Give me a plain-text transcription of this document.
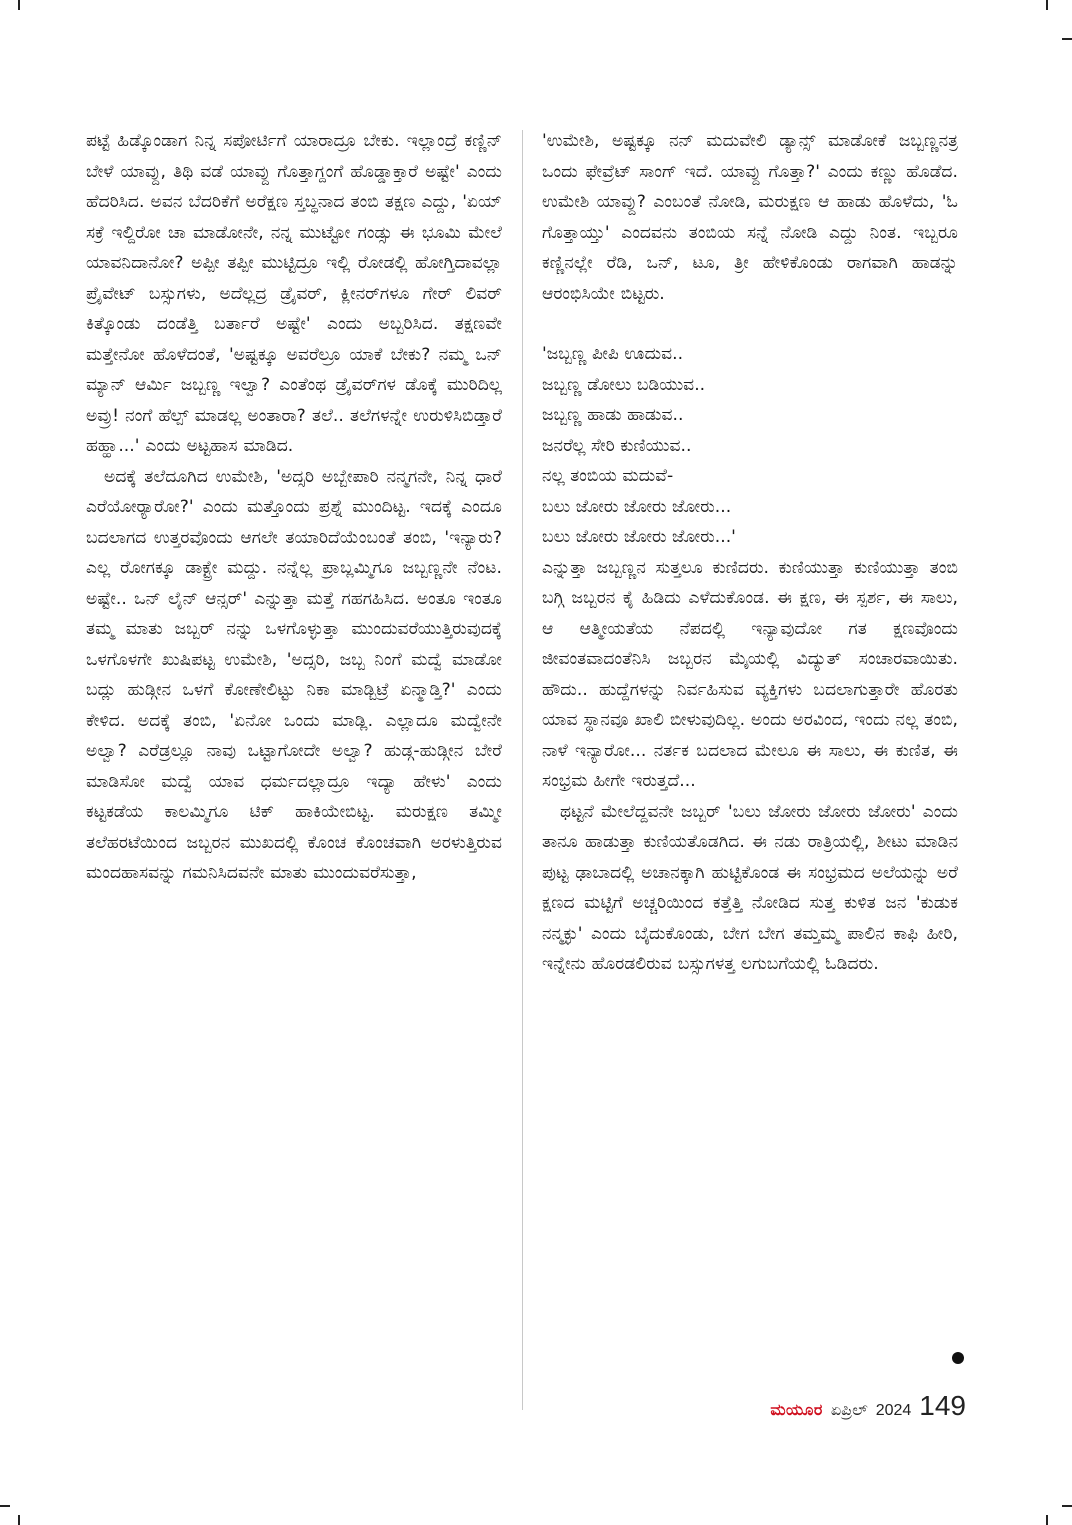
ಪಟ್ಟೆ ಹಿಡ್ಕೊಂಡಾಗ ನಿನ್ನ ಸಪೋರ್ಟಿಗೆ ಯಾರಾದ್ರೂ ಬೇಕು. ಇಲ್ಲಾಂದ್ರೆ ಕಣ್ಣಿನ್ ಬೇಳೆ ಯಾವ್ದು, ತಿಥಿ ವಡೆ ಯಾವ್ದು ಗೊತ್ತಾಗ್ದಂಗೆ ಹೊಡ್ಡಾಕ್ತಾರೆ ಅಷ್ಟೇ' ಎಂದು ಹೆದರಿಸಿದ. ಅವನ ಬೆದರಿಕೆಗೆ ಅರೆಕ್ಷಣ ಸ್ತಬ್ಧನಾದ ತಂಬಿ ತಕ್ಷಣ ಎದ್ದು, 'ಏಯ್ ಸಕ್ರೆ ಇಲ್ದಿರೋ ಚಾ ಮಾಡೋನೇ, ನನ್ನ ಮುಟ್ಟೋ ಗಂಡ್ಸು ಈ ಭೂಮಿ ಮೇಲೆ ಯಾವನಿದಾನೋ? ಅಪ್ಪೀ ತಪ್ಪೀ ಮುಟ್ಟಿದ್ರೂ ಇಲ್ಲಿ ರೋಡಲ್ಲಿ ಹೋಗ್ತಿದಾವಲ್ಲಾ ಪ್ರೈವೇಟ್ ಬಸ್ಸುಗಳು, ಅದೆಲ್ಲದ್ರ ಡ್ರೈವರ್, ಕ್ಲೀನರ್‌ಗಳೂ ಗೇರ್ ಲಿವರ್ ಕಿತ್ಕೊಂಡು ದಂಡೆತ್ತಿ ಬರ್ತಾರೆ ಅಷ್ಟೇ' ಎಂದು ಅಬ್ಬರಿಸಿದ. ತಕ್ಷಣವೇ ಮತ್ತೇನೋ ಹೊಳೆದಂತೆ, 'ಅಷ್ಟಕ್ಕೂ ಅವರೆಲ್ರೂ ಯಾಕೆ ಬೇಕು? ನಮ್ಮ ಒನ್ ಮ್ಯಾನ್ ಆರ್ಮಿ ಜಬ್ಬಣ್ಣ ಇಲ್ವಾ? ಎಂತೆಂಥ ಡ್ರೈವರ್‌ಗಳ ಡೊಕ್ಕೆ ಮುರಿದಿಲ್ಲ ಅವ್ರು! ನಂಗೆ ಹೆಲ್ಪ್ ಮಾಡಲ್ಲ ಅಂತಾರಾ? ತಲೆ.. ತಲೆಗಳನ್ನೇ ಉರುಳಿಸಿಬಿಡ್ತಾರೆ ಹಹ್ಹಾ...' ಎಂದು ಅಟ್ಟಹಾಸ ಮಾಡಿದ.

ಅದಕ್ಕೆ ತಲೆದೂಗಿದ ಉಮೇಶಿ, 'ಅದ್ಸರಿ ಅಬ್ಬೇಪಾರಿ ನನ್ಮಗನೇ, ನಿನ್ನ ಧಾರೆ ಎರೆಯೋರ್‍ಯಾರೋ?' ಎಂದು ಮತ್ತೊಂದು ಪ್ರಶ್ನೆ ಮುಂದಿಟ್ಟ. ಇದಕ್ಕೆ ಎಂದೂ ಬದಲಾಗದ ಉತ್ತರವೊಂದು ಆಗಲೇ ತಯಾರಿದೆಯೆಂಬಂತೆ ತಂಬಿ, 'ಇನ್ಯಾರು? ಎಲ್ಲ ರೋಗಕ್ಕೂ ಡಾಕ್ಟ್ರೇ ಮದ್ದು. ನನ್ನೆಲ್ಲ ಪ್ರಾಬ್ಲಮ್ಮಿಗೂ ಜಬ್ಬಣ್ಣನೇ ನೆಂಟ. ಅಷ್ಟೇ.. ಒನ್ ಲೈನ್ ಆನ್ಸರ್' ಎನ್ನುತ್ತಾ ಮತ್ತೆ ಗಹಗಹಿಸಿದ. ಅಂತೂ ಇಂತೂ ತಮ್ಮ ಮಾತು ಜಬ್ಬರ್ ನನ್ನು ಒಳಗೊಳ್ಳುತ್ತಾ ಮುಂದುವರೆಯುತ್ತಿರುವುದಕ್ಕೆ ಒಳಗೊಳಗೇ ಖುಷಿಪಟ್ಟ ಉಮೇಶಿ, 'ಅದ್ಸರಿ, ಜಬ್ಬ ನಿಂಗೆ ಮದ್ವೆ ಮಾಡೋ ಬದ್ಲು ಹುಡ್ಗೀನ ಒಳಗೆ ಕೋಣೇಲಿಟ್ಟು ನಿಕಾ ಮಾಡ್ಬಿಟ್ರೆ ಏನ್ಮಾಡ್ತಿ?' ಎಂದು ಕೇಳಿದ. ಅದಕ್ಕೆ ತಂಬಿ, 'ಏನೋ ಒಂದು ಮಾಡ್ಲಿ. ಎಲ್ಲಾದೂ ಮದ್ವೇನೇ ಅಲ್ವಾ? ಎರೆಡ್ರಲ್ಲೂ ನಾವು ಒಟ್ಟಾಗೋದೇ ಅಲ್ವಾ? ಹುಡ್ಗ-ಹುಡ್ಗೀನ ಬೇರೆ ಮಾಡಿಸೋ ಮದ್ವೆ ಯಾವ ಧರ್ಮದಲ್ಲಾದ್ರೂ ಇದ್ಯಾ ಹೇಳು' ಎಂದು ಕಟ್ಟಕಡೆಯ ಕಾಲಮ್ಮಿಗೂ ಟಿಕ್ ಹಾಕಿಯೇಬಿಟ್ಟ. ಮರುಕ್ಷಣ ತಮ್ಮೀ ತಲೆಹರಟೆಯಿಂದ ಜಬ್ಬರನ ಮುಖದಲ್ಲಿ ಕೊಂಚ ಕೊಂಚವಾಗಿ ಅರಳುತ್ತಿರುವ ಮಂದಹಾಸವನ್ನು ಗಮನಿಸಿದವನೇ ಮಾತು ಮುಂದುವರೆಸುತ್ತಾ,

'ಉಮೇಶಿ, ಅಷ್ಟಕ್ಕೂ ನನ್ ಮದುವೇಲಿ ಡ್ಯಾನ್ಸ್ ಮಾಡೋಕೆ ಜಬ್ಬಣ್ಣನತ್ರ ಒಂದು ಫೇವ್ರೆಟ್ ಸಾಂಗ್ ಇದೆ. ಯಾವ್ದು ಗೊತ್ತಾ?' ಎಂದು ಕಣ್ಣು ಹೊಡೆದ. ಉಮೇಶಿ ಯಾವ್ದು? ಎಂಬಂತೆ ನೋಡಿ, ಮರುಕ್ಷಣ ಆ ಹಾಡು ಹೊಳೆದು, 'ಓ ಗೊತ್ತಾಯ್ತು' ಎಂದವನು ತಂಬಿಯ ಸನ್ನೆ ನೋಡಿ ಎದ್ದು ನಿಂತ. ಇಬ್ಬರೂ ಕಣ್ಣಿನಲ್ಲೇ ರೆಡಿ, ಒನ್, ಟೂ, ತ್ರೀ ಹೇಳಿಕೊಂಡು ರಾಗವಾಗಿ ಹಾಡನ್ನು ಆರಂಭಿಸಿಯೇ ಬಿಟ್ಟರು.

'ಜಬ್ಬಣ್ಣ ಪೀಪಿ ಊದುವ..
ಜಬ್ಬಣ್ಣ ಡೋಲು ಬಡಿಯುವ..
ಜಬ್ಬಣ್ಣ ಹಾಡು ಹಾಡುವ..
ಜನರೆಲ್ಲ ಸೇರಿ ಕುಣಿಯುವ..
ನಲ್ಲ ತಂಬಿಯ ಮದುವೆ-
ಬಲು ಜೋರು ಜೋರು ಜೋರು...
ಬಲು ಜೋರು ಜೋರು ಜೋರು...'

ಎನ್ನುತ್ತಾ ಜಬ್ಬಣ್ಣನ ಸುತ್ತಲೂ ಕುಣಿದರು. ಕುಣಿಯುತ್ತಾ ಕುಣಿಯುತ್ತಾ ತಂಬಿ ಬಗ್ಗಿ ಜಬ್ಬರನ ಕೈ ಹಿಡಿದು ಎಳೆದುಕೊಂಡ. ಈ ಕ್ಷಣ, ಈ ಸ್ಪರ್ಶ, ಈ ಸಾಲು, ಆ ಆತ್ಮೀಯತೆಯ ನೆಪದಲ್ಲಿ ಇನ್ಯಾವುದೋ ಗತ ಕ್ಷಣವೊಂದು ಜೀವಂತವಾದಂತೆನಿಸಿ ಜಬ್ಬರನ ಮೈಯಲ್ಲಿ ವಿದ್ಯುತ್ ಸಂಚಾರವಾಯಿತು. ಹೌದು.. ಹುದ್ದೆಗಳನ್ನು ನಿರ್ವಹಿಸುವ ವ್ಯಕ್ತಿಗಳು ಬದಲಾಗುತ್ತಾರೇ ಹೊರತು ಯಾವ ಸ್ಥಾನವೂ ಖಾಲಿ ಬೀಳುವುದಿಲ್ಲ. ಅಂದು ಅರವಿಂದ, ಇಂದು ನಲ್ಲ ತಂಬಿ, ನಾಳೆ ಇನ್ಯಾರೋ... ನರ್ತಕ ಬದಲಾದ ಮೇಲೂ ಈ ಸಾಲು, ಈ ಕುಣಿತ, ಈ ಸಂಭ್ರಮ ಹೀಗೇ ಇರುತ್ತದೆ...

ಥಟ್ಟನೆ ಮೇಲೆದ್ದವನೇ ಜಬ್ಬರ್ 'ಬಲು ಜೋರು ಜೋರು ಜೋರು' ಎಂದು ತಾನೂ ಹಾಡುತ್ತಾ ಕುಣಿಯತೊಡಗಿದ. ಈ ನಡು ರಾತ್ರಿಯಲ್ಲಿ, ಶೀಟು ಮಾಡಿನ ಪುಟ್ಟ ಢಾಬಾದಲ್ಲಿ ಅಚಾನಕ್ಕಾಗಿ ಹುಟ್ಟಿಕೊಂಡ ಈ ಸಂಭ್ರಮದ ಅಲೆಯನ್ನು ಅರೆ ಕ್ಷಣದ ಮಟ್ಟಿಗೆ ಅಚ್ಚರಿಯಿಂದ ಕತ್ತೆತ್ತಿ ನೋಡಿದ ಸುತ್ತ ಕುಳಿತ ಜನ 'ಕುಡುಕ ನನ್ಮಕ್ಳು' ಎಂದು ಬೈದುಕೊಂಡು, ಬೇಗ ಬೇಗ ತಮ್ತಮ್ಮ ಪಾಲಿನ ಕಾಫಿ ಹೀರಿ, ಇನ್ನೇನು ಹೊರಡಲಿರುವ ಬಸ್ಸುಗಳತ್ತ ಲಗುಬಗೆಯಲ್ಲಿ ಓಡಿದರು.

ಮಯೂರ ಏಪ್ರಿಲ್ 2024 149
